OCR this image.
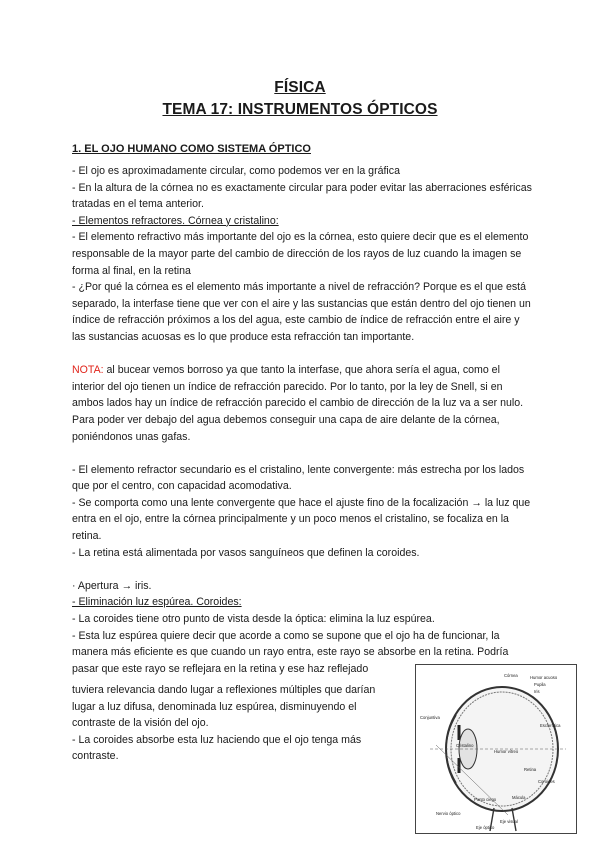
FÍSICA
TEMA 17: INSTRUMENTOS ÓPTICOS
1. EL OJO HUMANO COMO SISTEMA ÓPTICO

- El ojo es aproximadamente circular, como podemos ver en la gráfica

- En la altura de la córnea no es exactamente circular para poder evitar las aberraciones esféricas tratadas en el tema anterior.

- Elementos refractores. Córnea y cristalino:

- El elemento refractivo más importante del ojo es la córnea, esto quiere decir que es el elemento responsable de la mayor parte del cambio de dirección de los rayos de luz cuando la imagen se forma al final, en la retina

- ¿Por qué la córnea es el elemento más importante a nivel de refracción? Porque es el que está separado, la interfase tiene que ver con el aire y las sustancias que están dentro del ojo tienen un índice de refracción próximos a los del agua, este cambio de índice de refracción entre el aire y las sustancias acuosas es lo que produce esta refracción tan importante.

NOTA: al bucear vemos borroso ya que tanto la interfase, que ahora sería el agua, como el interior del ojo tienen un índice de refracción parecido. Por lo tanto, por la ley de Snell, si en ambos lados hay un índice de refracción parecido el cambio de dirección de la luz va a ser nulo. Para poder ver debajo del agua debemos conseguir una capa de aire delante de la córnea, poniéndonos unas gafas.

- El elemento refractor secundario es el cristalino, lente convergente: más estrecha por los lados que por el centro, con capacidad acomodativa.

- Se comporta como una lente convergente que hace el ajuste fino de la focalización → la luz que entra en el ojo, entre la córnea principalmente y un poco menos el cristalino, se focaliza en la retina.

- La retina está alimentada por vasos sanguíneos que definen la coroides.

· Apertura → iris.

- Eliminación luz espúrea. Coroides:

- La coroides tiene otro punto de vista desde la óptica: elimina la luz espúrea.

- Esta luz espúrea quiere decir que acorde a como se supone que el ojo ha de funcionar, la manera más eficiente es que cuando un rayo entra, este rayo se absorbe en la retina. Podría pasar que este rayo se reflejara en la retina y ese haz reflejado

tuviera relevancia dando lugar a reflexiones múltiples que darían lugar a luz difusa, denominada luz espúrea, disminuyendo el contraste de la visión del ojo.

- La coroides absorbe esta luz haciendo que el ojo tenga más contraste.

Córnea	Humor acuoso
Pupila
Iris
Conjuntiva
Cristalino
Humor vítreo
Esclerótica
Coroides
Retina
Punto ciego	Mácula
Nervio óptico
Eje visual
Eje óptico
